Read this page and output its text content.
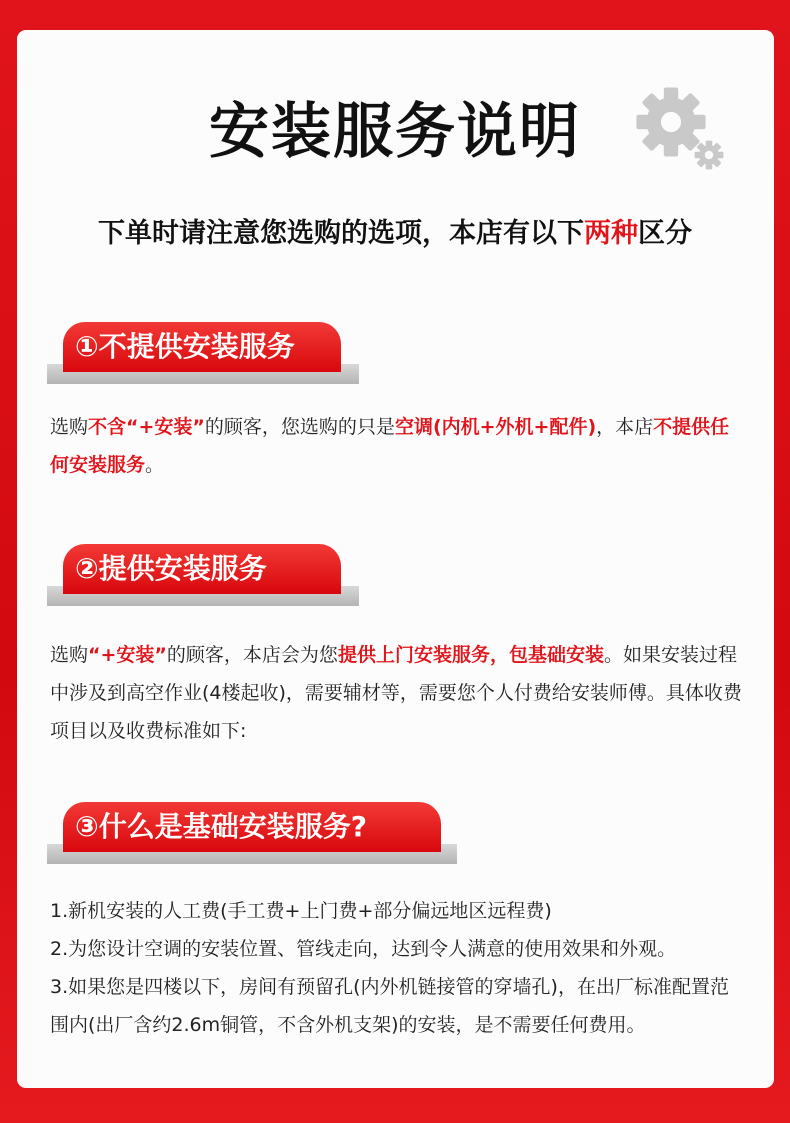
安装服务说明

下单时请注意您选购的选项，本店有以下两种区分

①不提供安装服务

选购不含“+安装”的顾客，您选购的只是空调(内机+外机+配件)，本店不提供任何安装服务。

②提供安装服务

选购“+安装”的顾客，本店会为您提供上门安装服务，包基础安装。如果安装过程中涉及到高空作业(4楼起收)，需要辅材等，需要您个人付费给安装师傅。具体收费项目以及收费标准如下:

③什么是基础安装服务?
1.新机安装的人工费(手工费+上门费+部分偏远地区远程费)
2.为您设计空调的安装位置、管线走向，达到令人满意的使用效果和外观。
3.如果您是四楼以下，房间有预留孔(内外机链接管的穿墙孔)，在出厂标准配置范围内(出厂含约2.6m铜管，不含外机支架)的安装，是不需要任何费用。
